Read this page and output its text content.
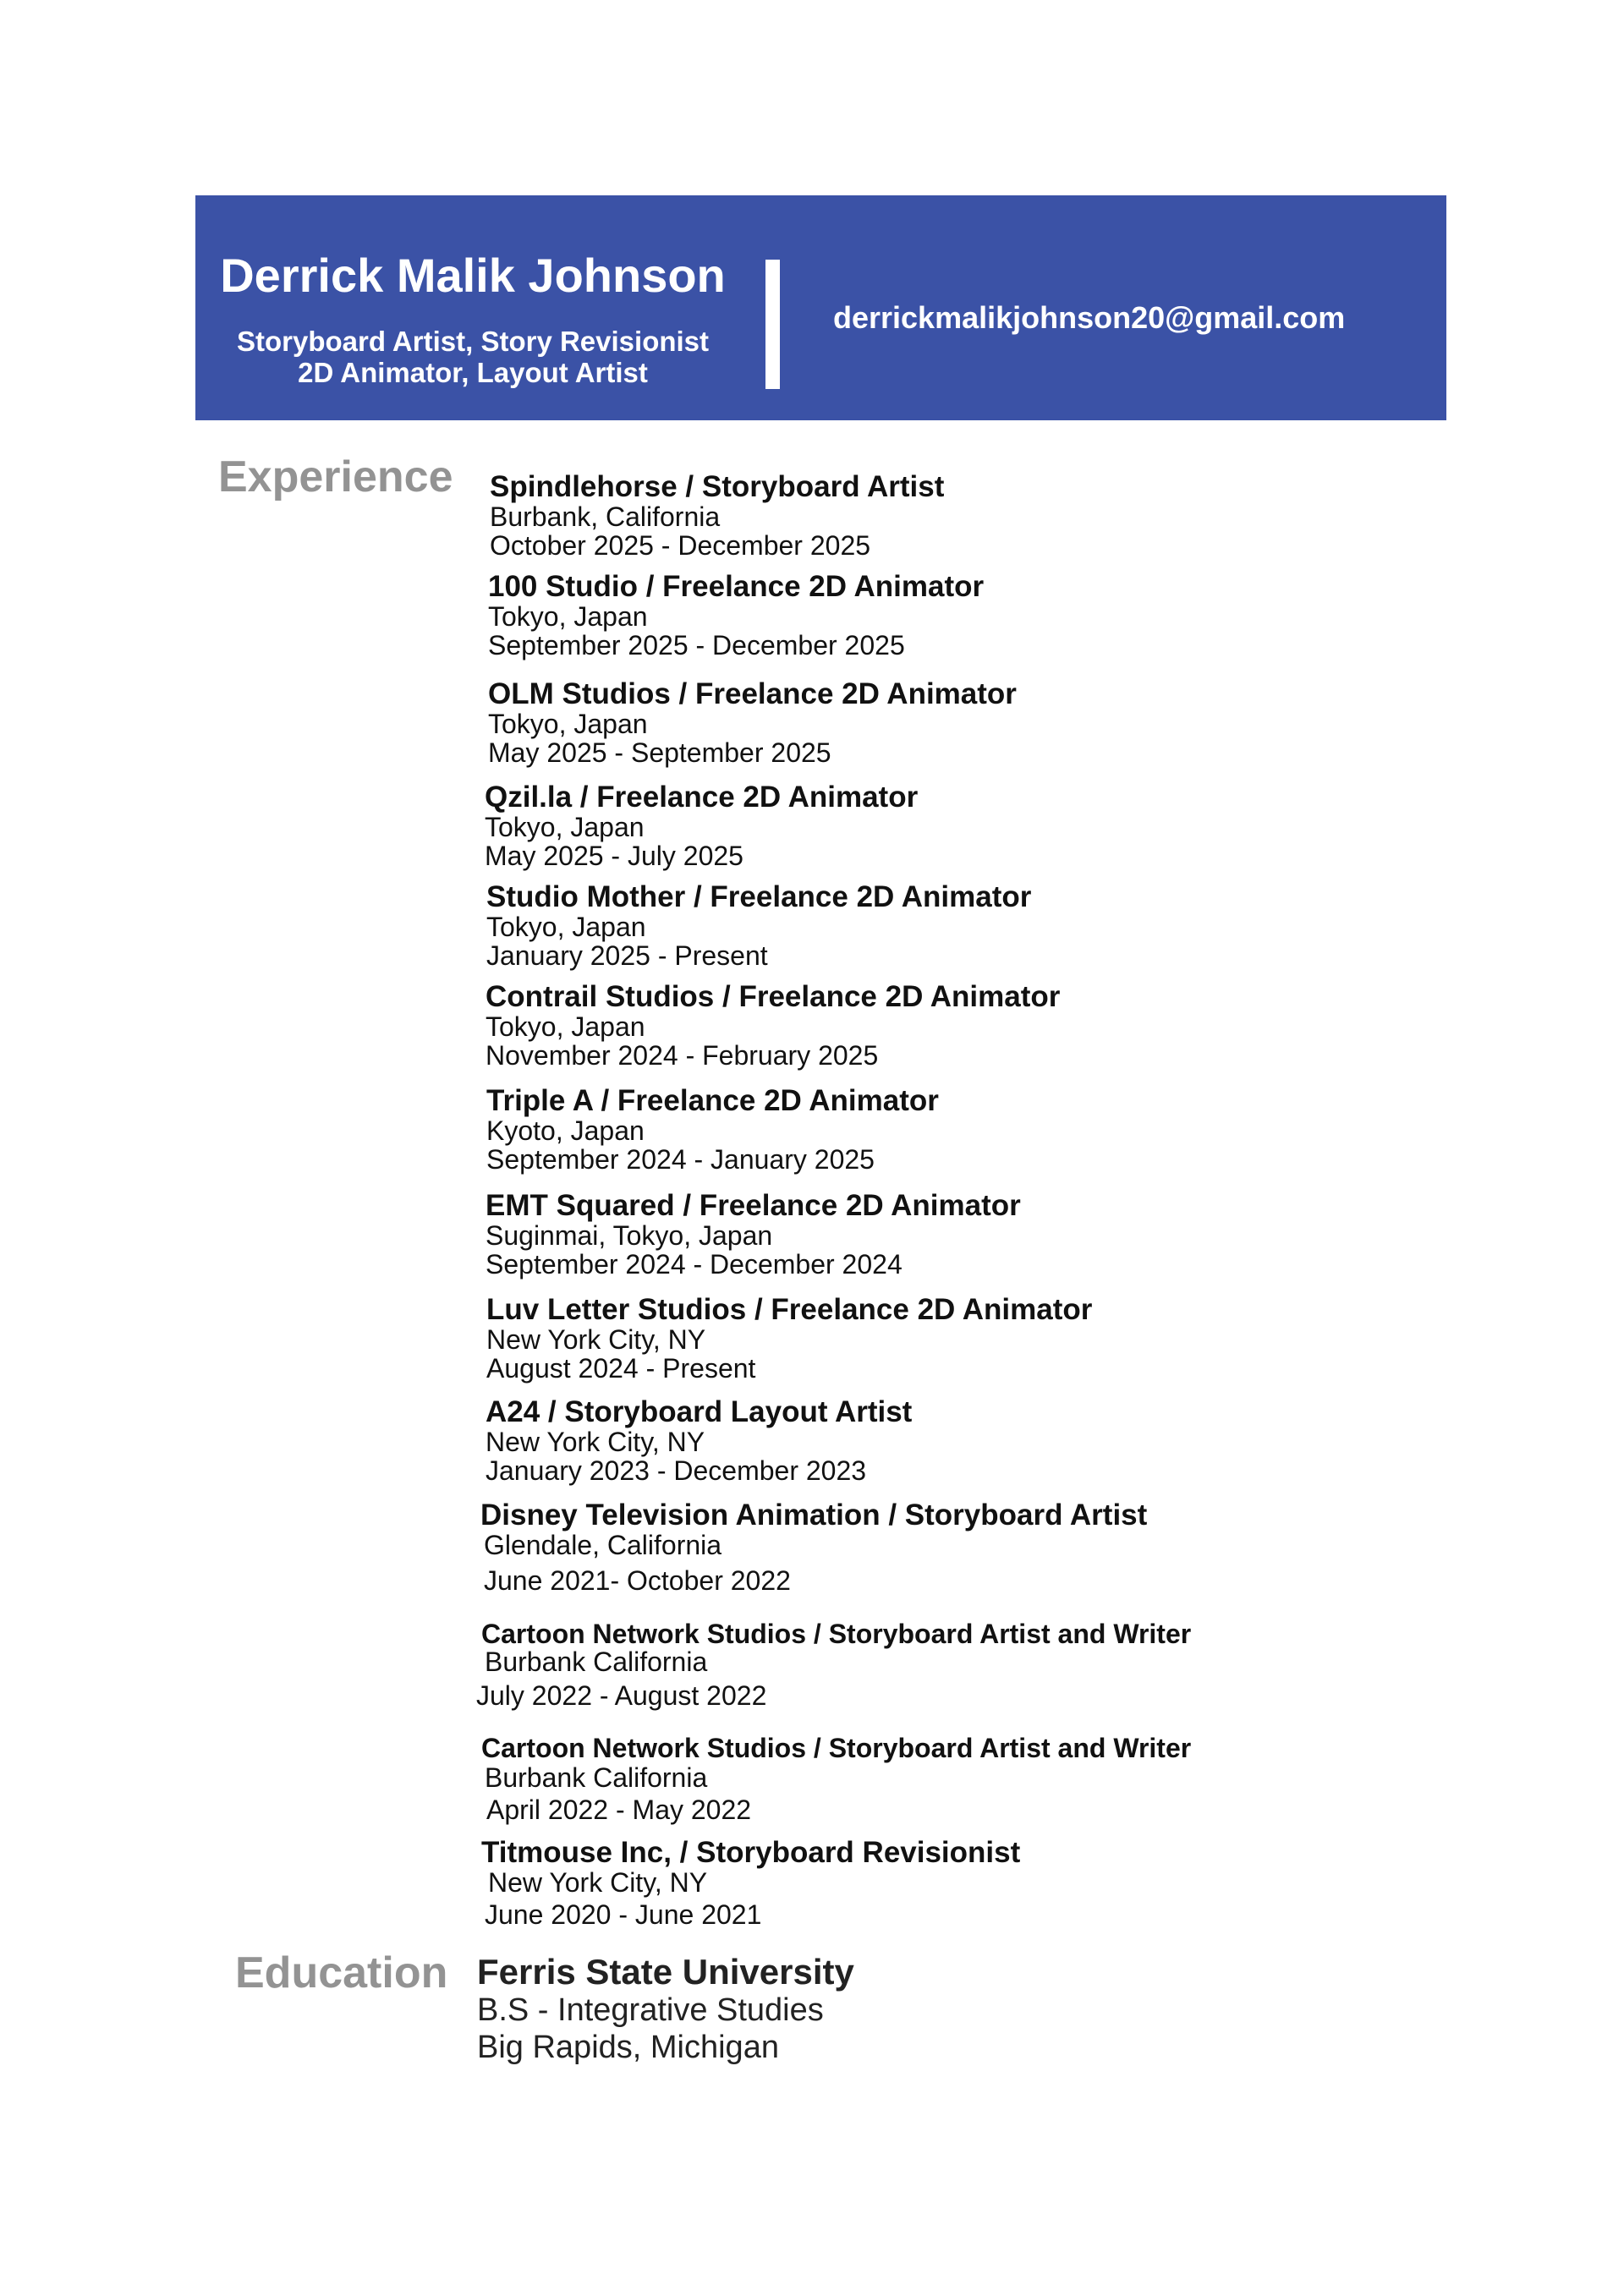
Derrick Malik Johnson
Storyboard Artist, Story Revisionist
2D Animator, Layout Artist
derrickmalikjohnson20@gmail.com
Experience Spindlehorse / Storyboard Artist
Burbank, California
October 2025 - December 2025
100 Studio / Freelance 2D Animator
Tokyo, Japan
September 2025 - December 2025
OLM Studios / Freelance 2D Animator
Tokyo, Japan
May 2025 - September 2025
Qzil.la / Freelance 2D Animator
Tokyo, Japan
May 2025 - July 2025
Studio Mother / Freelance 2D Animator
Tokyo, Japan
January 2025 - Present
Contrail Studios / Freelance 2D Animator
Tokyo, Japan
November 2024 - February 2025
Triple A / Freelance 2D Animator
Kyoto, Japan
September 2024 - January 2025
EMT Squared / Freelance 2D Animator
Suginmai, Tokyo, Japan
September 2024 - December 2024
Luv Letter Studios / Freelance 2D Animator
New York City, NY
August 2024 - Present
A24 / Storyboard Layout Artist
New York City, NY
January 2023 - December 2023
Disney Television Animation / Storyboard Artist
Glendale, California
June 2021- October 2022
Cartoon Network Studios / Storyboard Artist and Writer
Burbank California
July 2022 - August 2022
Cartoon Network Studios / Storyboard Artist and Writer
Burbank California
April 2022 - May 2022
Titmouse Inc, / Storyboard Revisionist
New York City, NY
June 2020 - June 2021
Education Ferris State University
B.S - Integrative Studies
Big Rapids, Michigan
